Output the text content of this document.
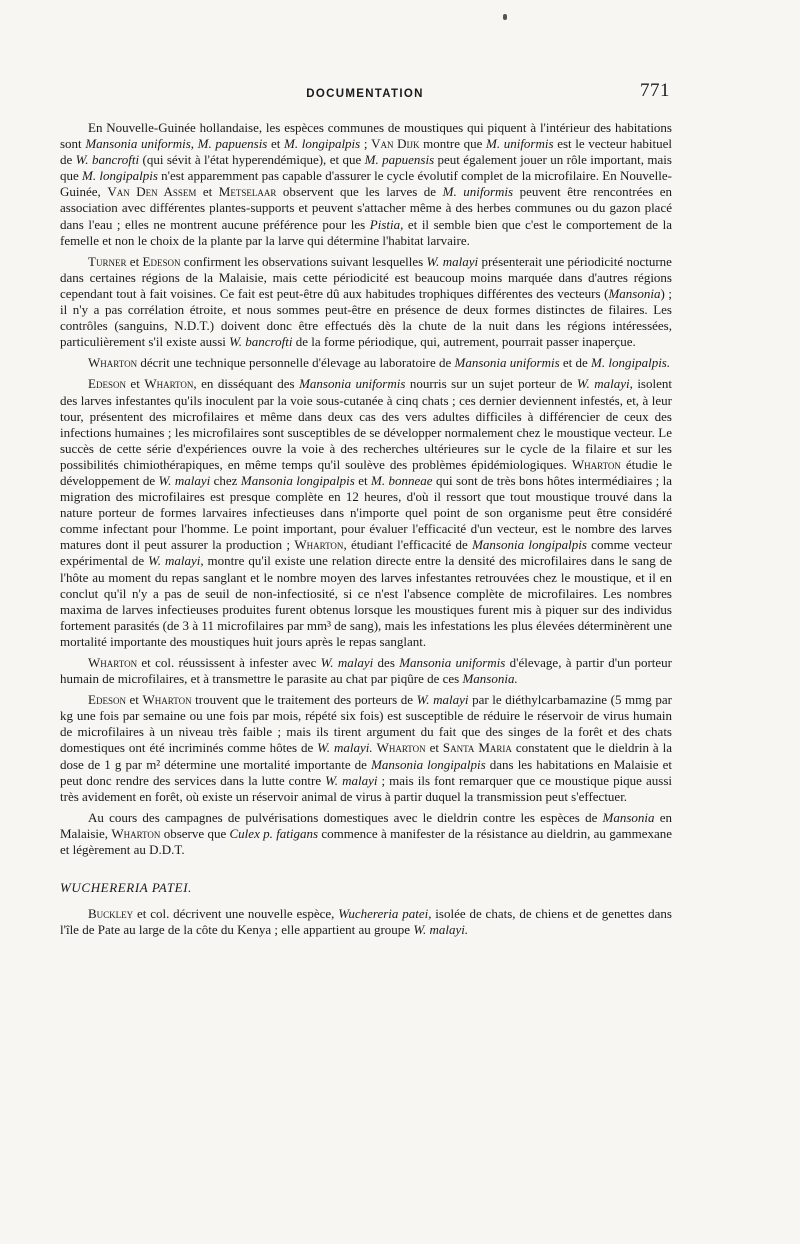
DOCUMENTATION	771

En Nouvelle-Guinée hollandaise, les espèces communes de moustiques qui piquent à l'intérieur des habitations sont Mansonia uniformis, M. papuensis et M. longipalpis ; Van Dijk montre que M. uniformis est le vecteur habituel de W. bancrofti (qui sévit à l'état hyperendémique), et que M. papuensis peut également jouer un rôle important, mais que M. longipalpis n'est apparemment pas capable d'assurer le cycle évolutif complet de la microfilaire. En Nouvelle-Guinée, Van Den Assem et Metselaar observent que les larves de M. uniformis peuvent être rencontrées en association avec différentes plantes-supports et peuvent s'attacher même à des herbes communes ou du gazon placé dans l'eau ; elles ne montrent aucune préférence pour les Pistia, et il semble bien que c'est le comportement de la femelle et non le choix de la plante par la larve qui détermine l'habitat larvaire.

Turner et Edeson confirment les observations suivant lesquelles W. malayi présenterait une périodicité nocturne dans certaines régions de la Malaisie, mais cette périodicité est beaucoup moins marquée dans d'autres régions cependant tout à fait voisines. Ce fait est peut-être dû aux habitudes trophiques différentes des vecteurs (Mansonia) ; il n'y a pas corrélation étroite, et nous sommes peut-être en présence de deux formes distinctes de filaires. Les contrôles (sanguins, N.D.T.) doivent donc être effectués dès la chute de la nuit dans les régions intéressées, particulièrement s'il existe aussi W. bancrofti de la forme périodique, qui, autrement, pourrait passer inaperçue.

Wharton décrit une technique personnelle d'élevage au laboratoire de Mansonia uniformis et de M. longipalpis.

Edeson et Wharton, en disséquant des Mansonia uniformis nourris sur un sujet porteur de W. malayi, isolent des larves infestantes qu'ils inoculent par la voie sous-cutanée à cinq chats ; ces dernier deviennent infestés, et, à leur tour, présentent des microfilaires et même dans deux cas des vers adultes difficiles à différencier de ceux des infections humaines ; les microfilaires sont susceptibles de se développer normalement chez le moustique vecteur. Le succès de cette série d'expériences ouvre la voie à des recherches ultérieures sur le cycle de la filaire et sur les possibilités chimiothérapiques, en même temps qu'il soulève des problèmes épidémiologiques. Wharton étudie le développement de W. malayi chez Mansonia longipalpis et M. bonneae qui sont de très bons hôtes intermédiaires ; la migration des microfilaires est presque complète en 12 heures, d'où il ressort que tout moustique trouvé dans la nature porteur de formes larvaires infectieuses dans n'importe quel point de son organisme peut être considéré comme infectant pour l'homme. Le point important, pour évaluer l'efficacité d'un vecteur, est le nombre des larves matures dont il peut assurer la production ; Wharton, étudiant l'efficacité de Mansonia longipalpis comme vecteur expérimental de W. malayi, montre qu'il existe une relation directe entre la densité des microfilaires dans le sang de l'hôte au moment du repas sanglant et le nombre moyen des larves infestantes retrouvées chez le moustique, et il en conclut qu'il n'y a pas de seuil de non-infectiosité, si ce n'est l'absence complète de microfilaires. Les nombres maxima de larves infectieuses produites furent obtenus lorsque les moustiques furent mis à piquer sur des individus fortement parasités (de 3 à 11 microfilaires par mm³ de sang), mais les infestations les plus élevées déterminèrent une mortalité importante des moustiques huit jours après le repas sanglant.

Wharton et col. réussissent à infester avec W. malayi des Mansonia uniformis d'élevage, à partir d'un porteur humain de microfilaires, et à transmettre le parasite au chat par piqûre de ces Mansonia.

Edeson et Wharton trouvent que le traitement des porteurs de W. malayi par le diéthylcarbamazine (5 mmg par kg une fois par semaine ou une fois par mois, répété six fois) est susceptible de réduire le réservoir de virus humain de microfilaires à un niveau très faible ; mais ils tirent argument du fait que des singes de la forêt et des chats domestiques ont été incriminés comme hôtes de W. malayi. Wharton et Santa Maria constatent que le dieldrin à la dose de 1 g par m² détermine une mortalité importante de Mansonia longipalpis dans les habitations en Malaisie et peut donc rendre des services dans la lutte contre W. malayi ; mais ils font remarquer que ce moustique pique aussi très avidement en forêt, où existe un réservoir animal de virus à partir duquel la transmission peut s'effectuer.

Au cours des campagnes de pulvérisations domestiques avec le dieldrin contre les espèces de Mansonia en Malaisie, Wharton observe que Culex p. fatigans commence à manifester de la résistance au dieldrin, au gammexane et légèrement au D.D.T.

WUCHERERIA PATEI.

Buckley et col. décrivent une nouvelle espèce, Wuchereria patei, isolée de chats, de chiens et de genettes dans l'île de Pate au large de la côte du Kenya ; elle appartient au groupe W. malayi.
